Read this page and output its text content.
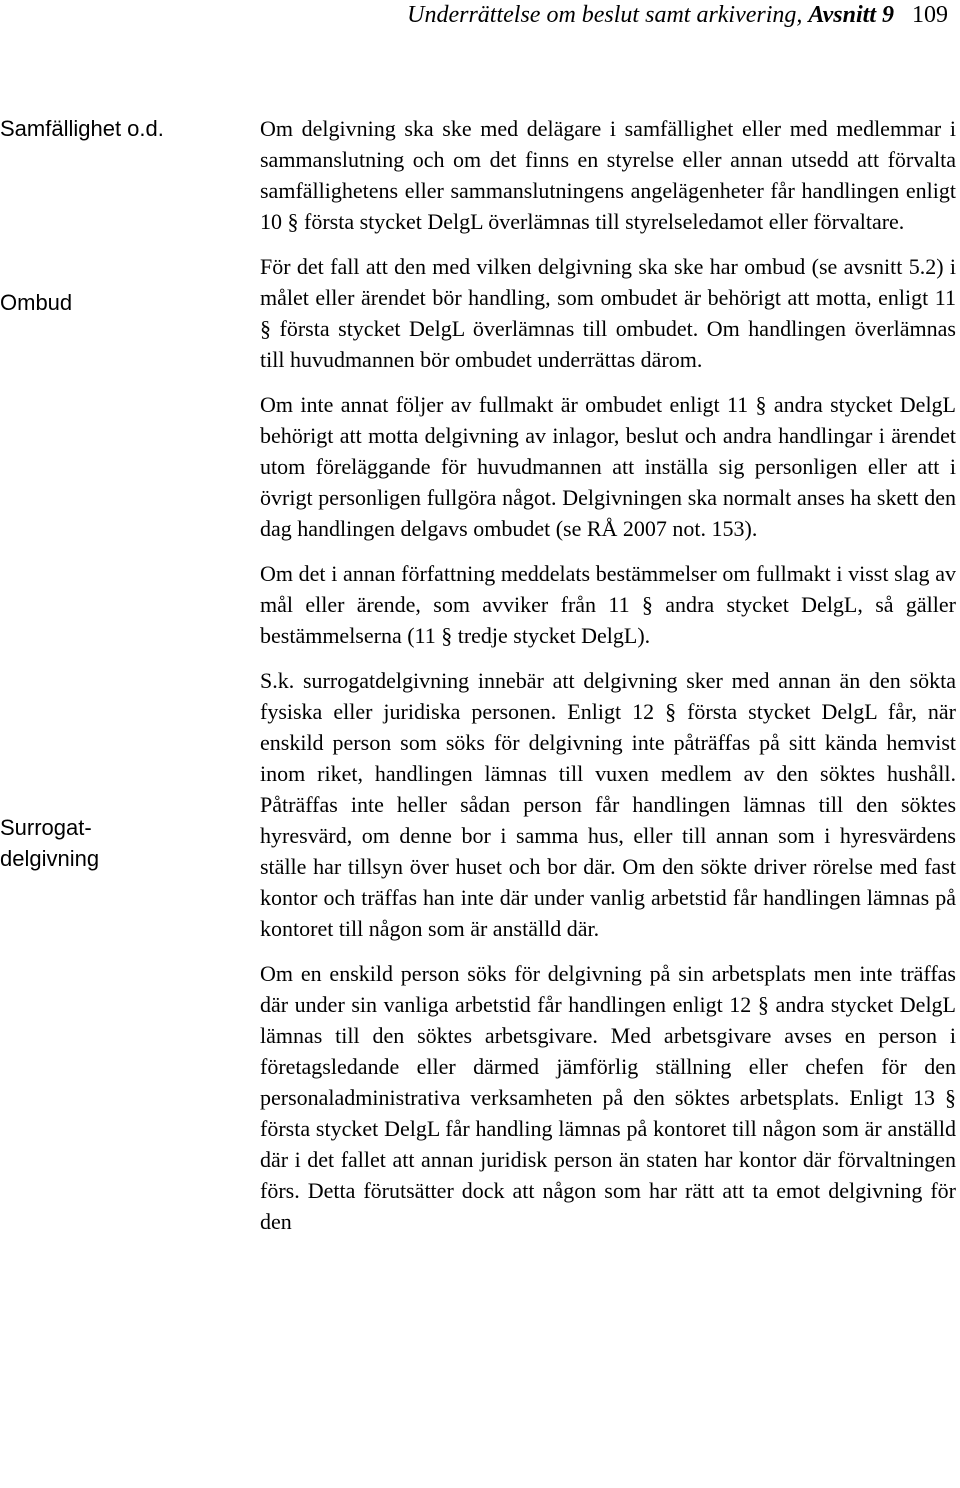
Underrättelse om beslut samt arkivering, Avsnitt 9 109
Samfällighet o.d.
Ombud
Surrogat-
delgivning

Om delgivning ska ske med delägare i samfällighet eller med medlemmar i sammanslutning och om det finns en styrelse eller annan utsedd att förvalta samfällighetens eller sammanslutningens angelägenheter får handlingen enligt 10 § första stycket DelgL överlämnas till styrelseledamot eller förvaltare.

För det fall att den med vilken delgivning ska ske har ombud (se avsnitt 5.2) i målet eller ärendet bör handling, som ombudet är behörigt att motta, enligt 11 § första stycket DelgL överlämnas till ombudet. Om handlingen överlämnas till huvudmannen bör ombudet underrättas därom.

Om inte annat följer av fullmakt är ombudet enligt 11 § andra stycket DelgL behörigt att motta delgivning av inlagor, beslut och andra handlingar i ärendet utom föreläggande för huvudmannen att inställa sig personligen eller att i övrigt personligen fullgöra något. Delgivningen ska normalt anses ha skett den dag handlingen delgavs ombudet (se RÅ 2007 not. 153).

Om det i annan författning meddelats bestämmelser om fullmakt i visst slag av mål eller ärende, som avviker från 11 § andra stycket DelgL, så gäller bestämmelserna (11 § tredje stycket DelgL).

S.k. surrogatdelgivning innebär att delgivning sker med annan än den sökta fysiska eller juridiska personen. Enligt 12 § första stycket DelgL får, när enskild person som söks för delgivning inte påträffas på sitt kända hemvist inom riket, handlingen lämnas till vuxen medlem av den söktes hushåll. Påträffas inte heller sådan person får handlingen lämnas till den söktes hyresvärd, om denne bor i samma hus, eller till annan som i hyresvärdens ställe har tillsyn över huset och bor där. Om den sökte driver rörelse med fast kontor och träffas han inte där under vanlig arbetstid får handlingen lämnas på kontoret till någon som är anställd där.

Om en enskild person söks för delgivning på sin arbetsplats men inte träffas där under sin vanliga arbetstid får handlingen enligt 12 § andra stycket DelgL lämnas till den söktes arbetsgivare. Med arbetsgivare avses en person i företagsledande eller därmed jämförlig ställning eller chefen för den personaladministrativa verksamheten på den söktes arbetsplats. Enligt 13 § första stycket DelgL får handling lämnas på kontoret till någon som är anställd där i det fallet att annan juridisk person än staten har kontor där förvaltningen förs. Detta förutsätter dock att någon som har rätt att ta emot delgivning för den
